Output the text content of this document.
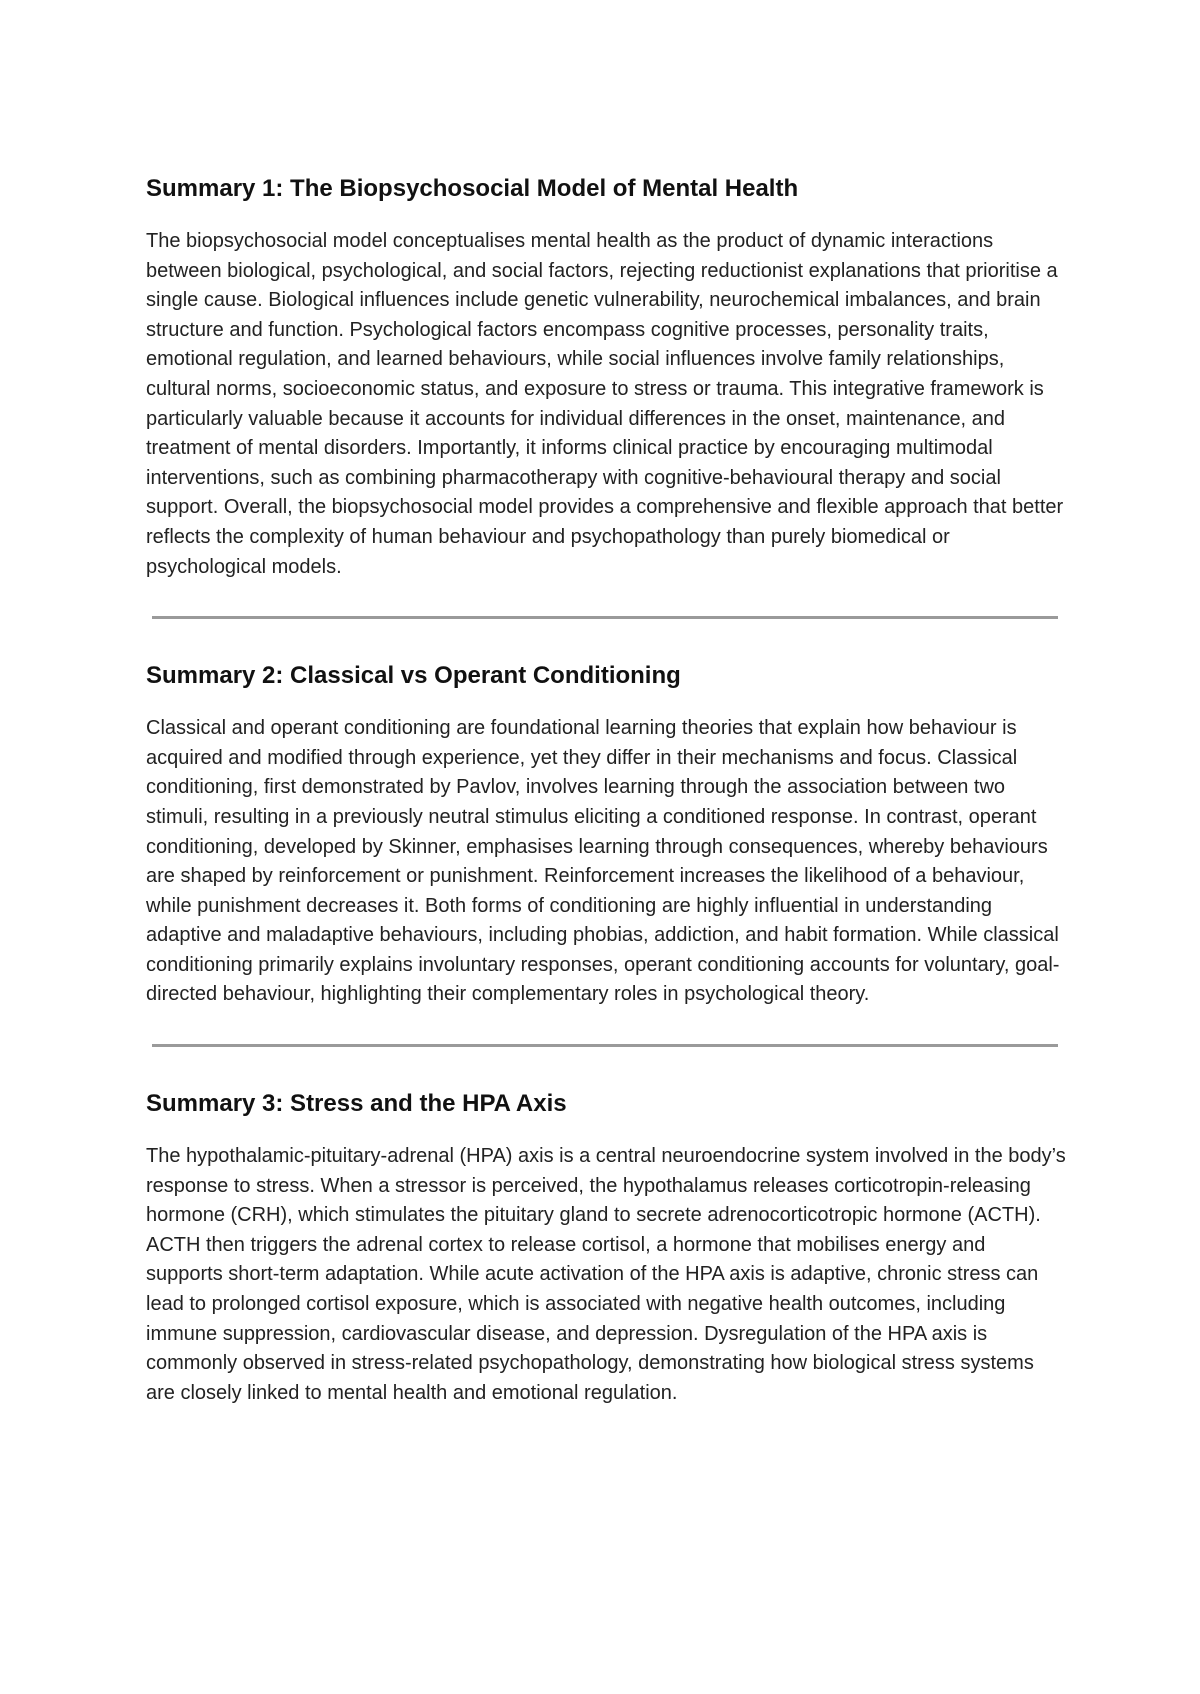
Summary 1: The Biopsychosocial Model of Mental Health

The biopsychosocial model conceptualises mental health as the product of dynamic interactions between biological, psychological, and social factors, rejecting reductionist explanations that prioritise a single cause. Biological influences include genetic vulnerability, neurochemical imbalances, and brain structure and function. Psychological factors encompass cognitive processes, personality traits, emotional regulation, and learned behaviours, while social influences involve family relationships, cultural norms, socioeconomic status, and exposure to stress or trauma. This integrative framework is particularly valuable because it accounts for individual differences in the onset, maintenance, and treatment of mental disorders. Importantly, it informs clinical practice by encouraging multimodal interventions, such as combining pharmacotherapy with cognitive-behavioural therapy and social support. Overall, the biopsychosocial model provides a comprehensive and flexible approach that better reflects the complexity of human behaviour and psychopathology than purely biomedical or psychological models.

Summary 2: Classical vs Operant Conditioning

Classical and operant conditioning are foundational learning theories that explain how behaviour is acquired and modified through experience, yet they differ in their mechanisms and focus. Classical conditioning, first demonstrated by Pavlov, involves learning through the association between two stimuli, resulting in a previously neutral stimulus eliciting a conditioned response. In contrast, operant conditioning, developed by Skinner, emphasises learning through consequences, whereby behaviours are shaped by reinforcement or punishment. Reinforcement increases the likelihood of a behaviour, while punishment decreases it. Both forms of conditioning are highly influential in understanding adaptive and maladaptive behaviours, including phobias, addiction, and habit formation. While classical conditioning primarily explains involuntary responses, operant conditioning accounts for voluntary, goal-directed behaviour, highlighting their complementary roles in psychological theory.

Summary 3: Stress and the HPA Axis

The hypothalamic-pituitary-adrenal (HPA) axis is a central neuroendocrine system involved in the body’s response to stress. When a stressor is perceived, the hypothalamus releases corticotropin-releasing hormone (CRH), which stimulates the pituitary gland to secrete adrenocorticotropic hormone (ACTH). ACTH then triggers the adrenal cortex to release cortisol, a hormone that mobilises energy and supports short-term adaptation. While acute activation of the HPA axis is adaptive, chronic stress can lead to prolonged cortisol exposure, which is associated with negative health outcomes, including immune suppression, cardiovascular disease, and depression. Dysregulation of the HPA axis is commonly observed in stress-related psychopathology, demonstrating how biological stress systems are closely linked to mental health and emotional regulation.
